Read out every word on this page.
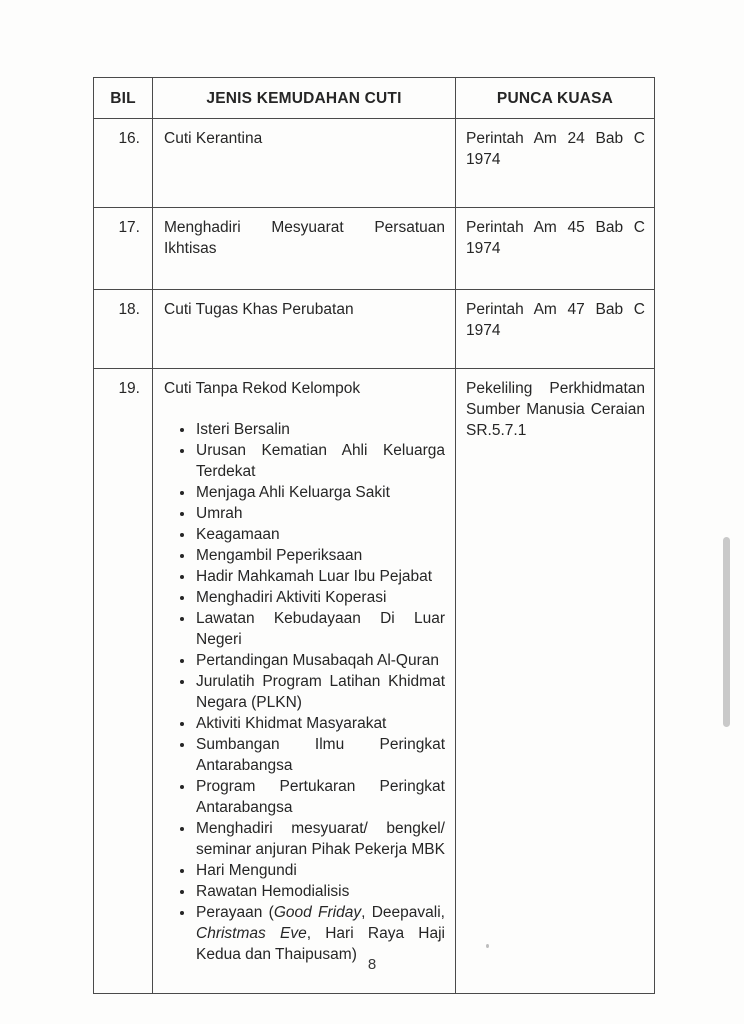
BIL	JENIS KEMUDAHAN CUTI	PUNCA KUASA
16.	Cuti Kerantina	Perintah Am 24 Bab C 1974
17.	Menghadiri Mesyuarat Persatuan Ikhtisas	Perintah Am 45 Bab C 1974
18.	Cuti Tugas Khas Perubatan	Perintah Am 47 Bab C 1974
19.	Cuti Tanpa Rekod Kelompok
• Isteri Bersalin
• Urusan Kematian Ahli Keluarga Terdekat
• Menjaga Ahli Keluarga Sakit
• Umrah
• Keagamaan
• Mengambil Peperiksaan
• Hadir Mahkamah Luar Ibu Pejabat
• Menghadiri Aktiviti Koperasi
• Lawatan Kebudayaan Di Luar Negeri
• Pertandingan Musabaqah Al-Quran
• Jurulatih Program Latihan Khidmat Negara (PLKN)
• Aktiviti Khidmat Masyarakat
• Sumbangan Ilmu Peringkat Antarabangsa
• Program Pertukaran Peringkat Antarabangsa
• Menghadiri mesyuarat/ bengkel/ seminar anjuran Pihak Pekerja MBK
• Hari Mengundi
• Rawatan Hemodialisis
• Perayaan (Good Friday, Deepavali, Christmas Eve, Hari Raya Haji Kedua dan Thaipusam)
	Pekeliling Perkhidmatan Sumber Manusia Ceraian SR.5.7.1
8
